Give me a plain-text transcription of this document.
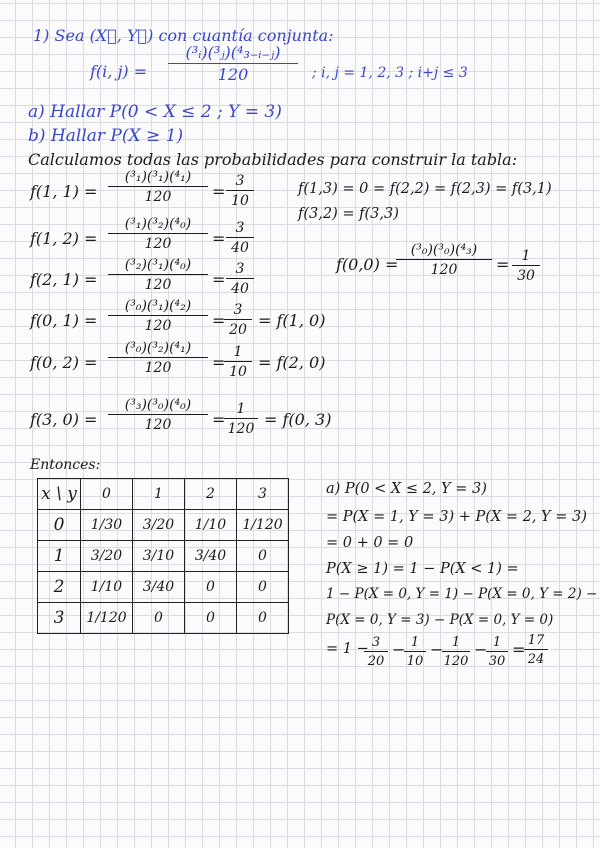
1) Sea (X⃗, Y⃗) con cuantía conjunta:
f(i, $j) = \frac{\text{(³ᵢ)(³ⱼ)(⁴₃₋ᵢ₋ⱼ)}}{120}$ ; i, j = 1, 2, 3 ; i+j ≤ 3
a) Hallar P(0 < X ≤ 2 ; Y = 3)
b) Hallar P(X ≥ 1)
Calculamos todas las probabilidades para construir la tabla:
f(1, 1) =
(³₁)(³₁)(⁴₁)
120	= $\frac{3}{10}$
f(1, 2) =
(³₁)(³₂)(⁴₀)
120	= $\frac{3}{40}$
f(2, 1) =
(³₂)(³₁)(⁴₀)
120	= $\frac{3}{40}$
f(0, 1) =
(³₀)(³₁)(⁴₂)
120	=
$\frac{3}{20} = f(1$, 0)
f(0, 2) =
(³₀)(³₂)(⁴₁)
120	=
$\frac{1}{10} = f(2$, 0)
f(3, 0) =
(³₃)(³₀)(⁴₀)
120	=
$\frac{1}{120} = f(0$, 3)
f(1,3) = 0 = f(2,2) = f(2,3) = f(3,1)
f(3,2) = f(3,3)
f(0,0) =
(³₀)(³₀)(⁴₃)
120	= $\frac{1}{30}$
Entonces:
x \ y	0	1	2	3
0	1/30	3/20	1/10	1/120
1	3/20	3/10	3/40	0
2	1/10	3/40	0	0
3	1/120	0	0	0
a) P(0 < X ≤ 2, Y = 3)
= P(X = 1, Y = 3) + P(X = 2, Y = 3)
= 0 + 0 = 0
P(X ≥ 1) = 1 − P(X < 1) =
1 − P(X = 0, Y = 1) − P(X = 0, Y = 2) −
P(X = 0, Y = 3) − P(X = 0, Y = 0)
= 1 −
$\frac{3}{20}$ −
$\frac{1}{10}$ −
$\frac{1}{120}$ −
$\frac{1}{30}$ =
$\frac{17}{24}$
